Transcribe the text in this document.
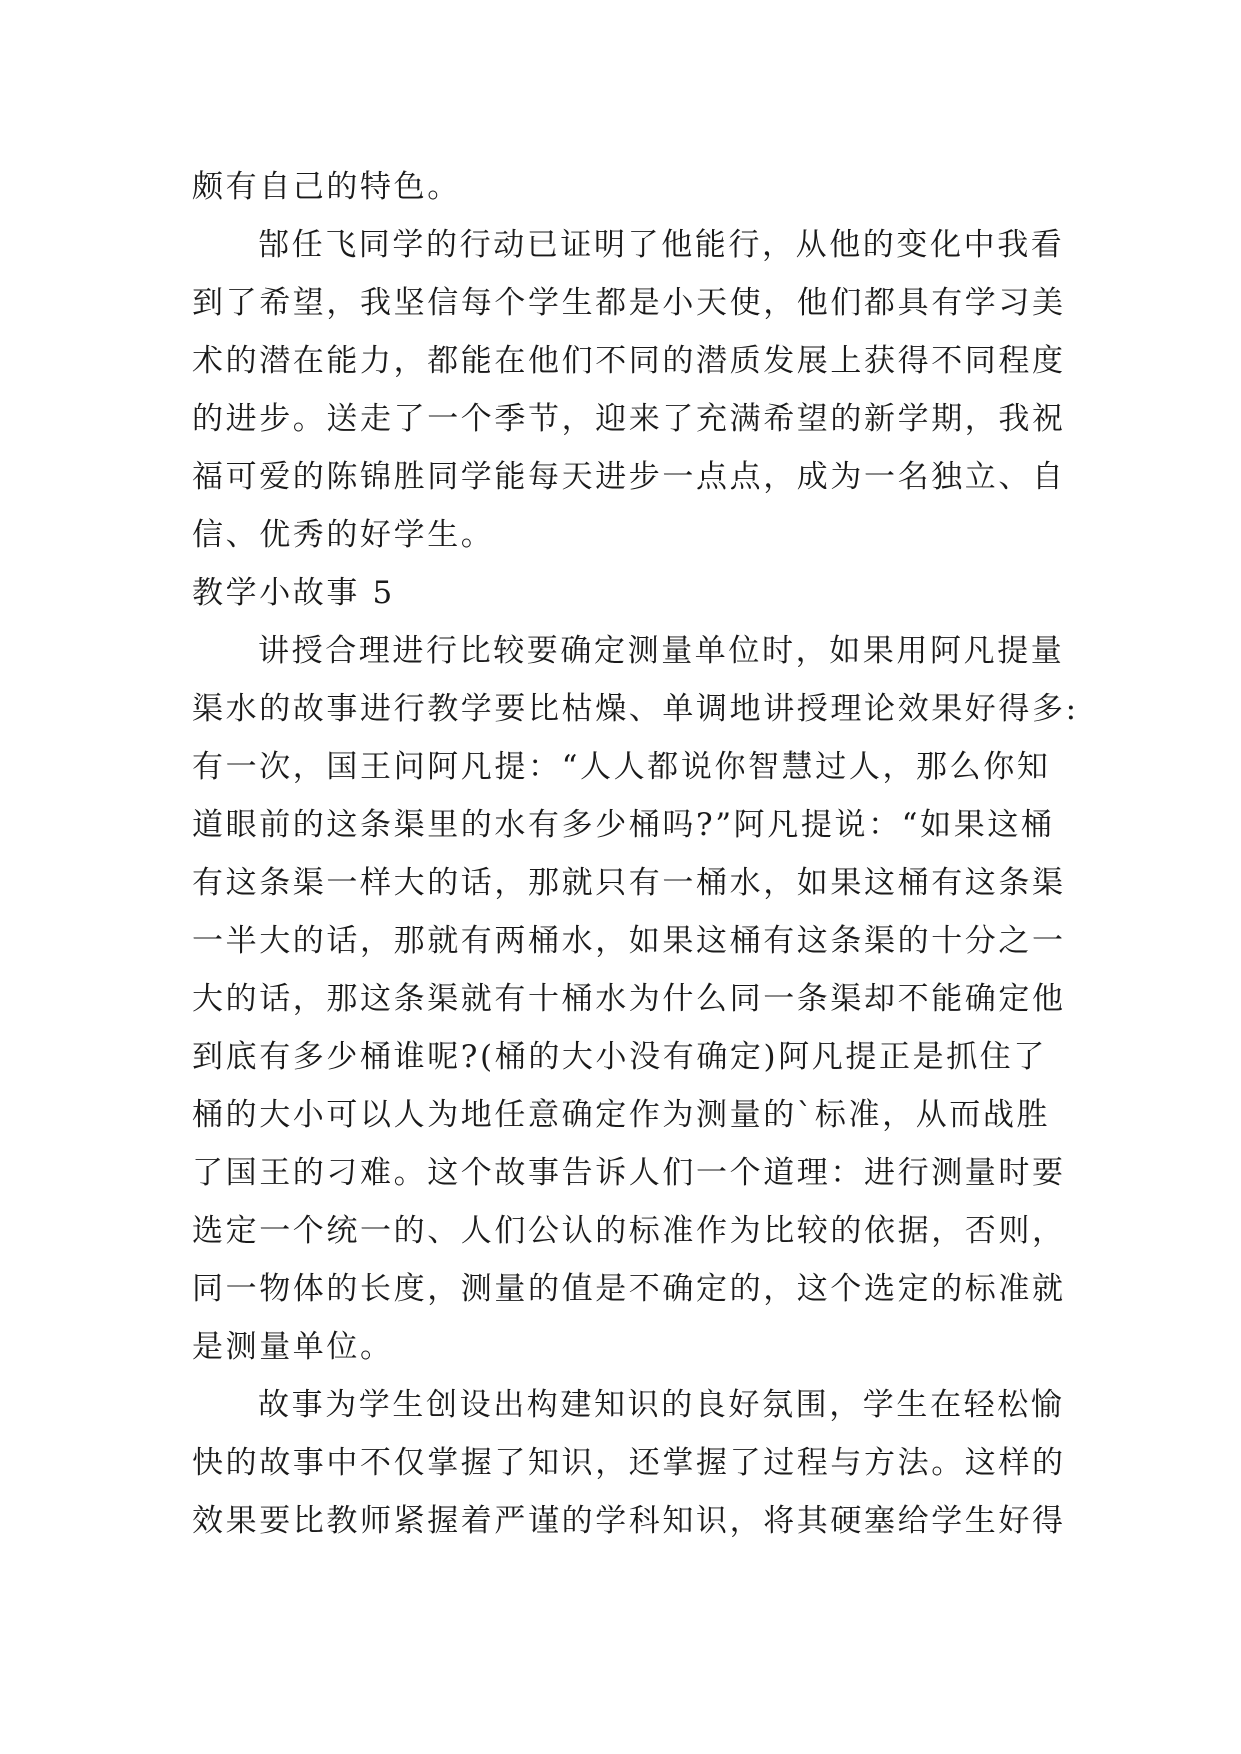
颇有自己的特色。
郜任飞同学的行动已证明了他能行，从他的变化中我看
到了希望，我坚信每个学生都是小天使，他们都具有学习美
术的潜在能力，都能在他们不同的潜质发展上获得不同程度
的进步。送走了一个季节，迎来了充满希望的新学期，我祝
福可爱的陈锦胜同学能每天进步一点点，成为一名独立、自
信、优秀的好学生。
教学小故事 5
讲授合理进行比较要确定测量单位时，如果用阿凡提量
渠水的故事进行教学要比枯燥、单调地讲授理论效果好得多:
有一次，国王问阿凡提：“人人都说你智慧过人，那么你知
道眼前的这条渠里的水有多少桶吗?”阿凡提说：“如果这桶
有这条渠一样大的话，那就只有一桶水，如果这桶有这条渠
一半大的话，那就有两桶水，如果这桶有这条渠的十分之一
大的话，那这条渠就有十桶水为什么同一条渠却不能确定他
到底有多少桶谁呢?(桶的大小没有确定)阿凡提正是抓住了
桶的大小可以人为地任意确定作为测量的`标准，从而战胜
了国王的刁难。这个故事告诉人们一个道理：进行测量时要
选定一个统一的、人们公认的标准作为比较的依据，否则，
同一物体的长度，测量的值是不确定的，这个选定的标准就
是测量单位。
故事为学生创设出构建知识的良好氛围，学生在轻松愉
快的故事中不仅掌握了知识，还掌握了过程与方法。这样的
效果要比教师紧握着严谨的学科知识，将其硬塞给学生好得
